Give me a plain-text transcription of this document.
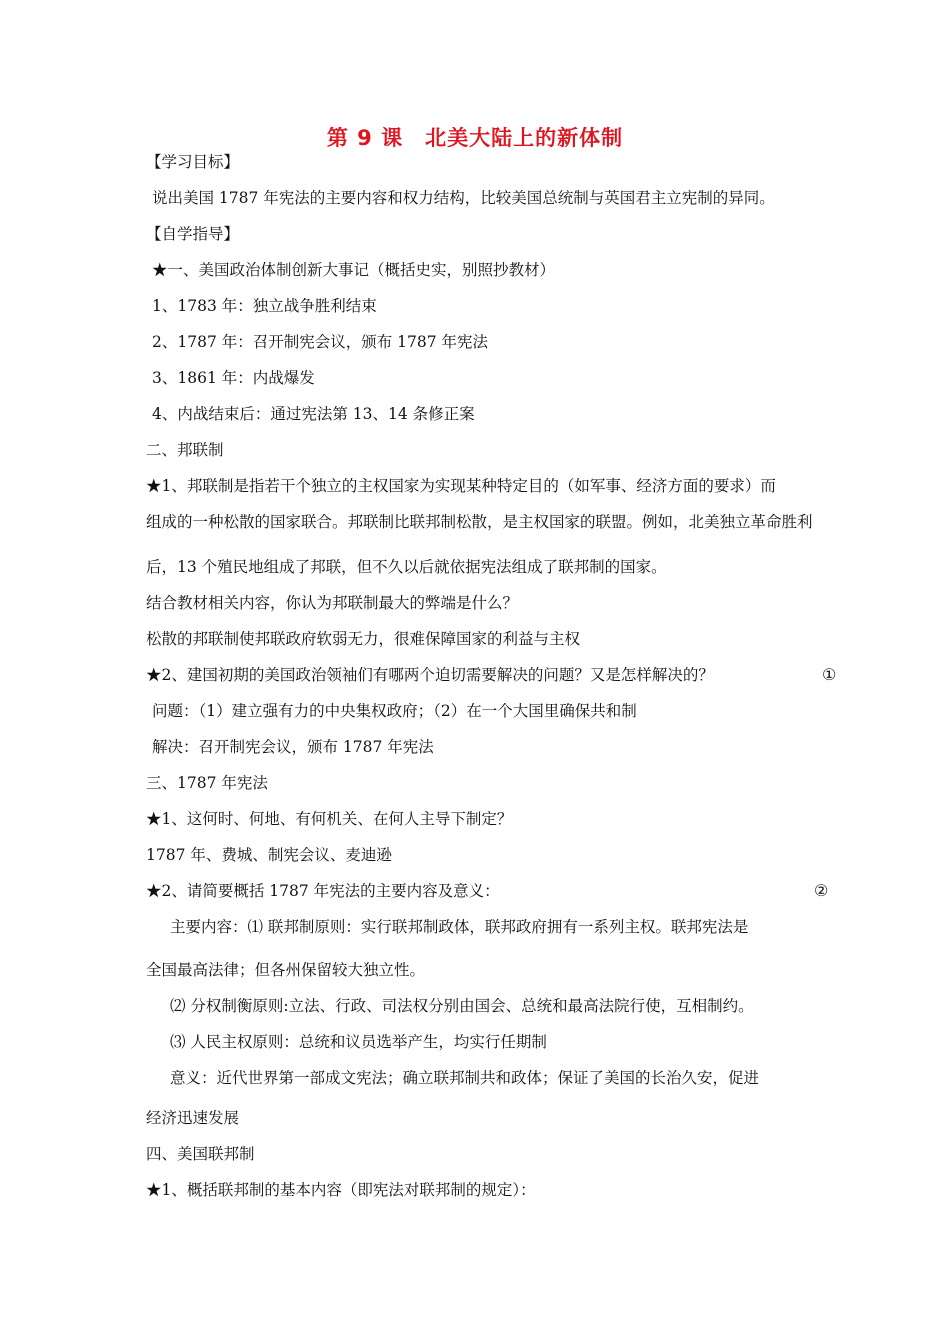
第 9 课　北美大陆上的新体制
【学习目标】
说出美国 1787 年宪法的主要内容和权力结构，比较美国总统制与英国君主立宪制的异同。
【自学指导】
★一、美国政治体制创新大事记（概括史实，别照抄教材）
1、1783 年：独立战争胜利结束
2、1787 年：召开制宪会议，颁布 1787 年宪法
3、1861 年：内战爆发
4、内战结束后：通过宪法第 13、14 条修正案
二、邦联制
★1、邦联制是指若干个独立的主权国家为实现某种特定目的（如军事、经济方面的要求）而
组成的一种松散的国家联合。邦联制比联邦制松散，是主权国家的联盟。例如，北美独立革命胜利
后，13 个殖民地组成了邦联，但不久以后就依据宪法组成了联邦制的国家。
结合教材相关内容，你认为邦联制最大的弊端是什么？
松散的邦联制使邦联政府软弱无力，很难保障国家的利益与主权
★2、建国初期的美国政治领袖们有哪两个迫切需要解决的问题？又是怎样解决的？	①
问题：（1）建立强有力的中央集权政府；（2）在一个大国里确保共和制
解决：召开制宪会议，颁布 1787 年宪法
三、1787 年宪法
★1、这何时、何地、有何机关、在何人主导下制定？
1787 年、费城、制宪会议、麦迪逊
★2、请简要概括 1787 年宪法的主要内容及意义：	②
主要内容：⑴ 联邦制原则：实行联邦制政体，联邦政府拥有一系列主权。联邦宪法是
全国最高法律；但各州保留较大独立性。
⑵ 分权制衡原则:立法、行政、司法权分别由国会、总统和最高法院行使，互相制约。
⑶ 人民主权原则：总统和议员选举产生，均实行任期制
意义：近代世界第一部成文宪法；确立联邦制共和政体；保证了美国的长治久安，促进
经济迅速发展
四、美国联邦制
★1、概括联邦制的基本内容（即宪法对联邦制的规定）：
